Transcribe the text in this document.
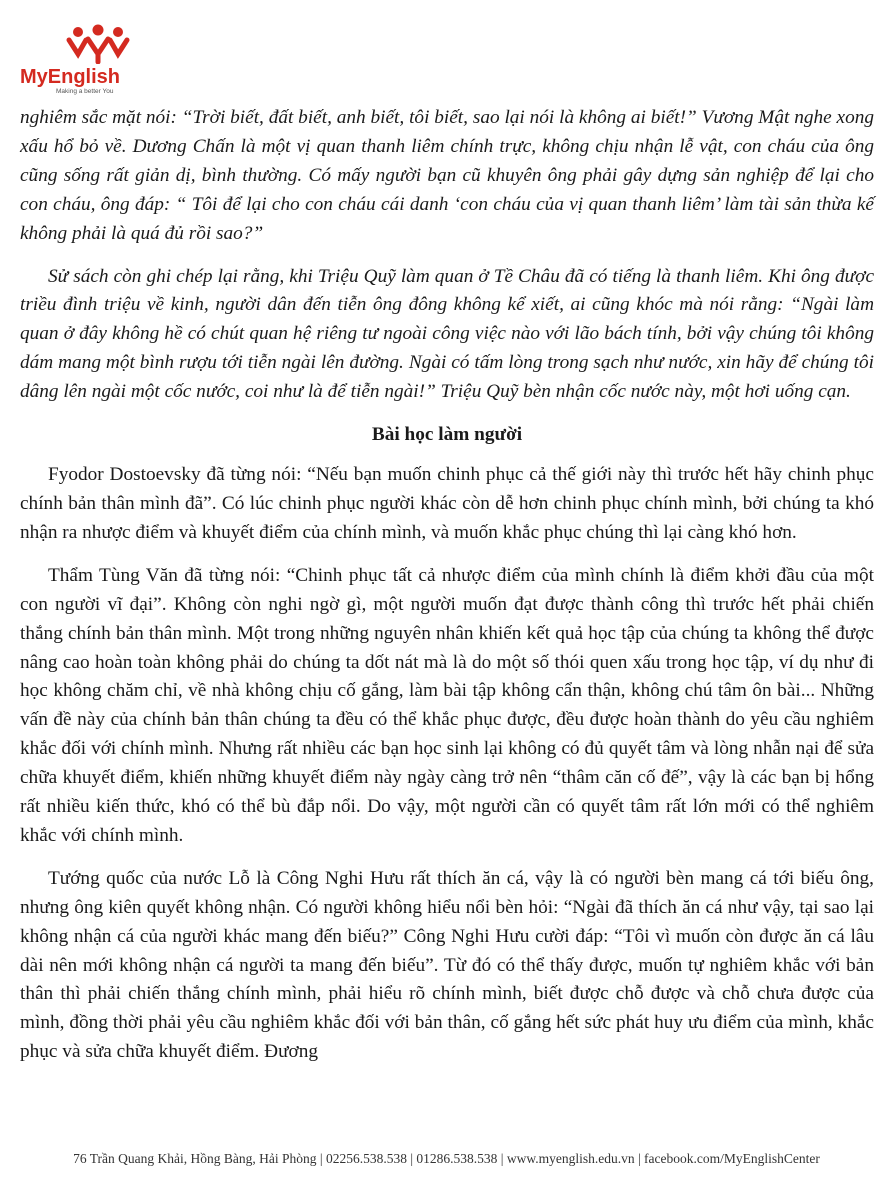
MyEnglish
Making a better You

nghiêm sắc mặt nói: “Trời biết, đất biết, anh biết, tôi biết, sao lại nói là không ai biết!” Vương Mật nghe xong xấu hổ bỏ về. Dương Chấn là một vị quan thanh liêm chính trực, không chịu nhận lễ vật, con cháu của ông cũng sống rất giản dị, bình thường. Có mấy người bạn cũ khuyên ông phải gây dựng sản nghiệp để lại cho con cháu, ông đáp: “ Tôi để lại cho con cháu cái danh ‘con cháu của vị quan thanh liêm’ làm tài sản thừa kế không phải là quá đủ rồi sao?”

Sử sách còn ghi chép lại rằng, khi Triệu Quỹ làm quan ở Tề Châu đã có tiếng là thanh liêm. Khi ông được triều đình triệu về kinh, người dân đến tiễn ông đông không kể xiết, ai cũng khóc mà nói rằng: “Ngài làm quan ở đây không hề có chút quan hệ riêng tư ngoài công việc nào với lão bách tính, bởi vậy chúng tôi không dám mang một bình rượu tới tiễn ngài lên đường. Ngài có tấm lòng trong sạch như nước, xin hãy để chúng tôi dâng lên ngài một cốc nước, coi như là để tiễn ngài!” Triệu Quỹ bèn nhận cốc nước này, một hơi uống cạn.

Bài học làm người

Fyodor Dostoevsky đã từng nói: “Nếu bạn muốn chinh phục cả thế giới này thì trước hết hãy chinh phục chính bản thân mình đã”. Có lúc chinh phục người khác còn dễ hơn chinh phục chính mình, bởi chúng ta khó nhận ra nhược điểm và khuyết điểm của chính mình, và muốn khắc phục chúng thì lại càng khó hơn.

Thẩm Tùng Văn đã từng nói: “Chinh phục tất cả nhược điểm của mình chính là điểm khởi đầu của một con người vĩ đại”. Không còn nghi ngờ gì, một người muốn đạt được thành công thì trước hết phải chiến thắng chính bản thân mình. Một trong những nguyên nhân khiến kết quả học tập của chúng ta không thể được nâng cao hoàn toàn không phải do chúng ta dốt nát mà là do một số thói quen xấu trong học tập, ví dụ như đi học không chăm chỉ, về nhà không chịu cố gắng, làm bài tập không cẩn thận, không chú tâm ôn bài... Những vấn đề này của chính bản thân chúng ta đều có thể khắc phục được, đều được hoàn thành do yêu cầu nghiêm khắc đối với chính mình. Nhưng rất nhiều các bạn học sinh lại không có đủ quyết tâm và lòng nhẫn nại để sửa chữa khuyết điểm, khiến những khuyết điểm này ngày càng trở nên “thâm căn cố đế”, vậy là các bạn bị hổng rất nhiều kiến thức, khó có thể bù đắp nổi. Do vậy, một người cần có quyết tâm rất lớn mới có thể nghiêm khắc với chính mình.

Tướng quốc của nước Lỗ là Công Nghi Hưu rất thích ăn cá, vậy là có người bèn mang cá tới biếu ông, nhưng ông kiên quyết không nhận. Có người không hiểu nổi bèn hỏi: “Ngài đã thích ăn cá như vậy, tại sao lại không nhận cá của người khác mang đến biếu?” Công Nghi Hưu cười đáp: “Tôi vì muốn còn được ăn cá lâu dài nên mới không nhận cá người ta mang đến biếu”. Từ đó có thể thấy được, muốn tự nghiêm khắc với bản thân thì phải chiến thắng chính mình, phải hiểu rõ chính mình, biết được chỗ được và chỗ chưa được của mình, đồng thời phải yêu cầu nghiêm khắc đối với bản thân, cố gắng hết sức phát huy ưu điểm của mình, khắc phục và sửa chữa khuyết điểm. Đương

76 Trần Quang Khải, Hồng Bàng, Hải Phòng | 02256.538.538 | 01286.538.538 | www.myenglish.edu.vn | facebook.com/MyEnglishCenter
